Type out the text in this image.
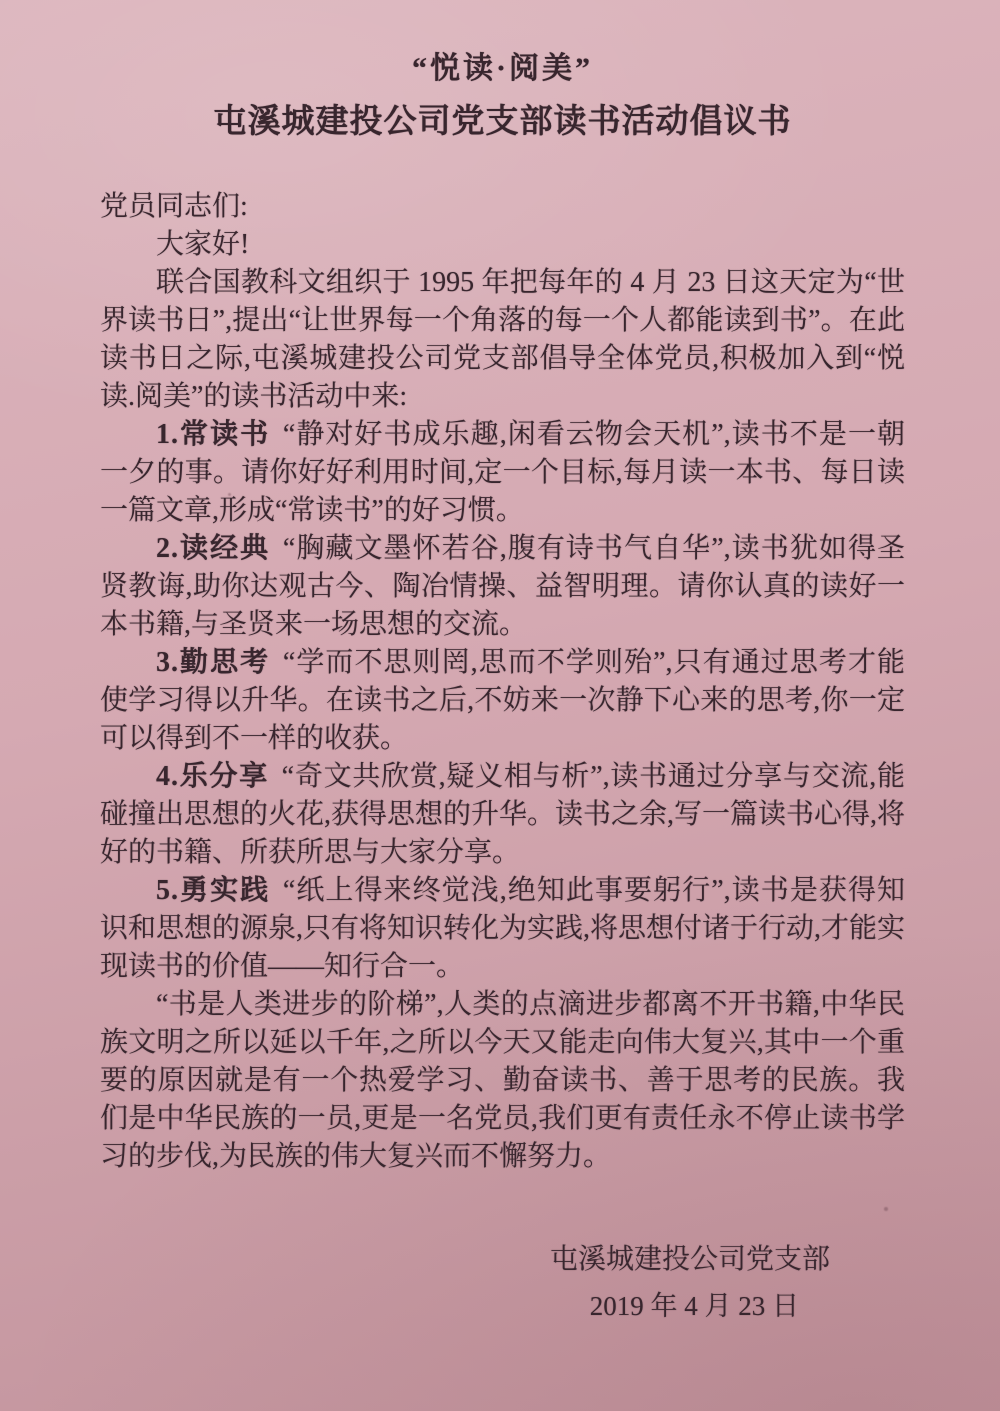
“悦读·阅美”
屯溪城建投公司党支部读书活动倡议书

党员同志们:

大家好!

联合国教科文组织于 1995 年把每年的 4 月 23 日这天定为“世界读书日”,提出“让世界每一个角落的每一个人都能读到书”。在此读书日之际,屯溪城建投公司党支部倡导全体党员,积极加入到“悦读.阅美”的读书活动中来:

1.常读书 “静对好书成乐趣,闲看云物会天机”,读书不是一朝一夕的事。请你好好利用时间,定一个目标,每月读一本书、每日读一篇文章,形成“常读书”的好习惯。

2.读经典 “胸藏文墨怀若谷,腹有诗书气自华”,读书犹如得圣贤教诲,助你达观古今、陶冶情操、益智明理。请你认真的读好一本书籍,与圣贤来一场思想的交流。

3.勤思考 “学而不思则罔,思而不学则殆”,只有通过思考才能使学习得以升华。在读书之后,不妨来一次静下心来的思考,你一定可以得到不一样的收获。

4.乐分享 “奇文共欣赏,疑义相与析”,读书通过分享与交流,能碰撞出思想的火花,获得思想的升华。读书之余,写一篇读书心得,将好的书籍、所获所思与大家分享。

5.勇实践 “纸上得来终觉浅,绝知此事要躬行”,读书是获得知识和思想的源泉,只有将知识转化为实践,将思想付诸于行动,才能实现读书的价值——知行合一。

“书是人类进步的阶梯”,人类的点滴进步都离不开书籍,中华民族文明之所以延以千年,之所以今天又能走向伟大复兴,其中一个重要的原因就是有一个热爱学习、勤奋读书、善于思考的民族。我们是中华民族的一员,更是一名党员,我们更有责任永不停止读书学习的步伐,为民族的伟大复兴而不懈努力。

屯溪城建投公司党支部
2019 年 4 月 23 日
